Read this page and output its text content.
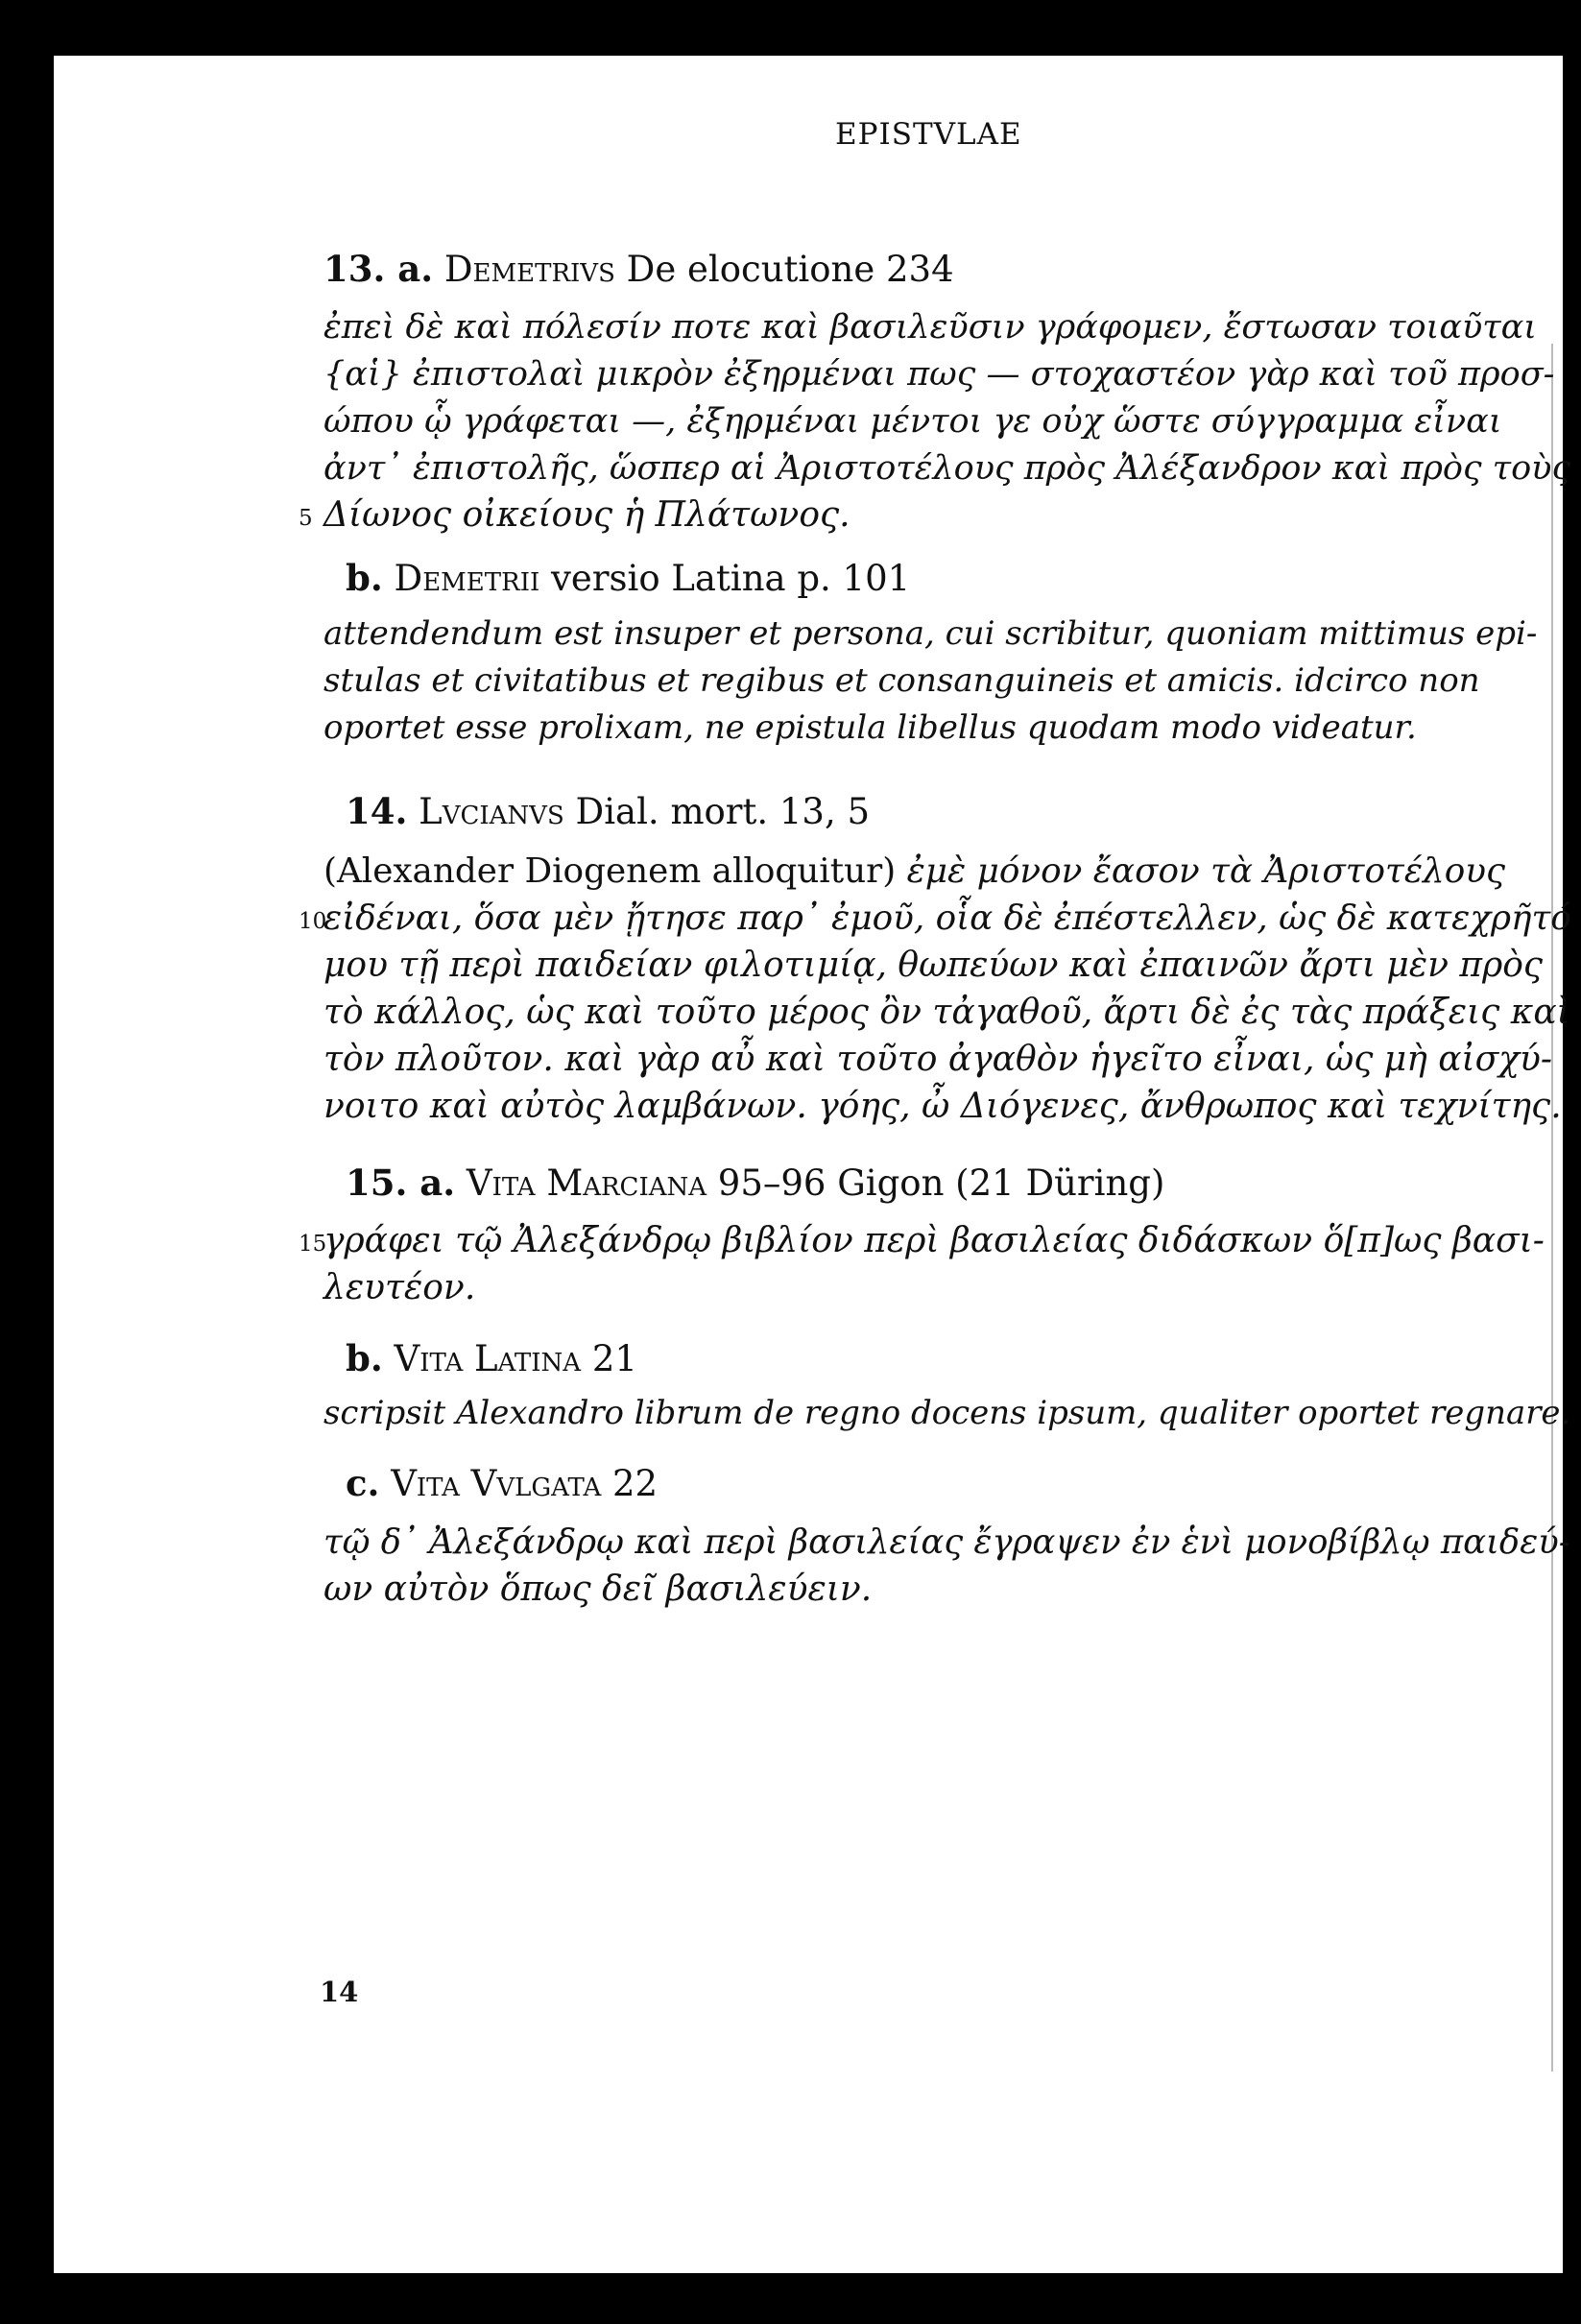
EPISTVLAE
13. a. Demetrivs De elocutione 234
ἐπεὶ δὲ καὶ πόλεσίν ποτε καὶ βασιλεῦσιν γράφομεν, ἔστωσαν τοιαῦται
{αἱ} ἐπιστολαὶ μικρὸν ἐξηρμέναι πως — στοχαστέον γὰρ καὶ τοῦ προσ-
ώπου ᾧ γράφεται —, ἐξηρμέναι μέντοι γε οὐχ ὥστε σύγγραμμα εἶναι
ἀντ᾽ ἐπιστολῆς, ὥσπερ αἱ Ἀριστοτέλους πρὸς Ἀλέξανδρον καὶ πρὸς τοὺς
5 Δίωνος οἰκείους ἡ Πλάτωνος.
b. Demetrii versio Latina p. 101
attendendum est insuper et persona, cui scribitur, quoniam mittimus epi-
stulas et civitatibus et regibus et consanguineis et amicis. idcirco non
oportet esse prolixam, ne epistula libellus quodam modo videatur.
14. Lvcianvs Dial. mort. 13, 5
(Alexander Diogenem alloquitur) ἐμὲ μόνον ἔασον τὰ Ἀριστοτέλους
10
εἰδέναι, ὅσα μὲν ᾔτησε παρ᾽ ἐμοῦ, οἷα δὲ ἐπέστελλεν, ὡς δὲ κατεχρῆτό
μου τῇ περὶ παιδείαν φιλοτιμίᾳ, θωπεύων καὶ ἐπαινῶν ἄρτι μὲν πρὸς
τὸ κάλλος, ὡς καὶ τοῦτο μέρος ὂν τἀγαθοῦ, ἄρτι δὲ ἐς τὰς πράξεις καὶ
τὸν πλοῦτον. καὶ γὰρ αὖ καὶ τοῦτο ἀγαθὸν ἡγεῖτο εἶναι, ὡς μὴ αἰσχύ-
νοιτο καὶ αὐτὸς λαμβάνων. γόης, ὦ Διόγενες, ἄνθρωπος καὶ τεχνίτης.
15. a. Vita Marciana 95–96 Gigon (21 Düring)
15
γράφει τῷ Ἀλεξάνδρῳ βιβλίον περὶ βασιλείας διδάσκων ὅ[π]ως βασι-
λευτέον.
b. Vita Latina 21
scripsit Alexandro librum de regno docens ipsum, qualiter oportet regnare.
c. Vita Vvlgata 22
τῷ δ᾽ Ἀλεξάνδρῳ καὶ περὶ βασιλείας ἔγραψεν ἐν ἑνὶ μονοβίβλῳ παιδεύ-
ων αὐτὸν ὅπως δεῖ βασιλεύειν.
14
